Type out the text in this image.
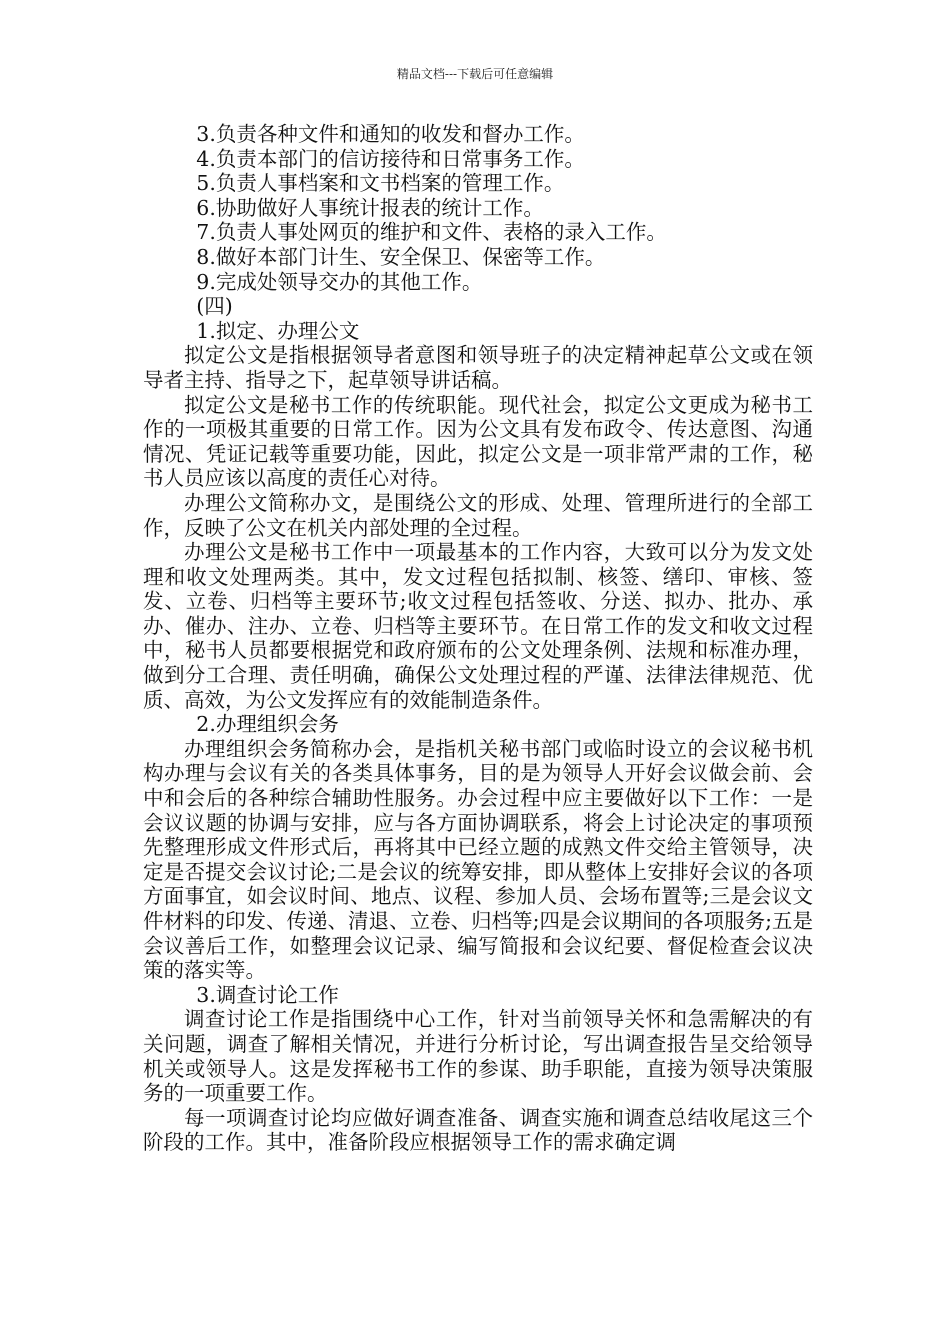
精品文档---下载后可任意编辑
3.负责各种文件和通知的收发和督办工作。
4.负责本部门的信访接待和日常事务工作。
5.负责人事档案和文书档案的管理工作。
6.协助做好人事统计报表的统计工作。
7.负责人事处网页的维护和文件、表格的录入工作。
8.做好本部门计生、安全保卫、保密等工作。
9.完成处领导交办的其他工作。
(四)
1.拟定、办理公文
拟定公文是指根据领导者意图和领导班子的决定精神起草公文或在领导者主持、指导之下，起草领导讲话稿。
拟定公文是秘书工作的传统职能。现代社会，拟定公文更成为秘书工作的一项极其重要的日常工作。因为公文具有发布政令、传达意图、沟通情况、凭证记载等重要功能，因此，拟定公文是一项非常严肃的工作，秘书人员应该以高度的责任心对待。
办理公文简称办文，是围绕公文的形成、处理、管理所进行的全部工作，反映了公文在机关内部处理的全过程。
办理公文是秘书工作中一项最基本的工作内容，大致可以分为发文处理和收文处理两类。其中，发文过程包括拟制、核签、缮印、审核、签发、立卷、归档等主要环节;收文过程包括签收、分送、拟办、批办、承办、催办、注办、立卷、归档等主要环节。在日常工作的发文和收文过程中，秘书人员都要根据党和政府颁布的公文处理条例、法规和标准办理，做到分工合理、责任明确，确保公文处理过程的严谨、法律法律规范、优质、高效，为公文发挥应有的效能制造条件。
2.办理组织会务
办理组织会务简称办会，是指机关秘书部门或临时设立的会议秘书机构办理与会议有关的各类具体事务，目的是为领导人开好会议做会前、会中和会后的各种综合辅助性服务。办会过程中应主要做好以下工作：一是会议议题的协调与安排，应与各方面协调联系，将会上讨论决定的事项预先整理形成文件形式后，再将其中已经立题的成熟文件交给主管领导，决定是否提交会议讨论;二是会议的统筹安排，即从整体上安排好会议的各项方面事宜，如会议时间、地点、议程、参加人员、会场布置等;三是会议文件材料的印发、传递、清退、立卷、归档等;四是会议期间的各项服务;五是会议善后工作，如整理会议记录、编写简报和会议纪要、督促检查会议决策的落实等。
3.调查讨论工作
调查讨论工作是指围绕中心工作，针对当前领导关怀和急需解决的有关问题，调查了解相关情况，并进行分析讨论，写出调查报告呈交给领导机关或领导人。这是发挥秘书工作的参谋、助手职能，直接为领导决策服务的一项重要工作。
每一项调查讨论均应做好调查准备、调查实施和调查总结收尾这三个阶段的工作。其中，准备阶段应根据领导工作的需求确定调
